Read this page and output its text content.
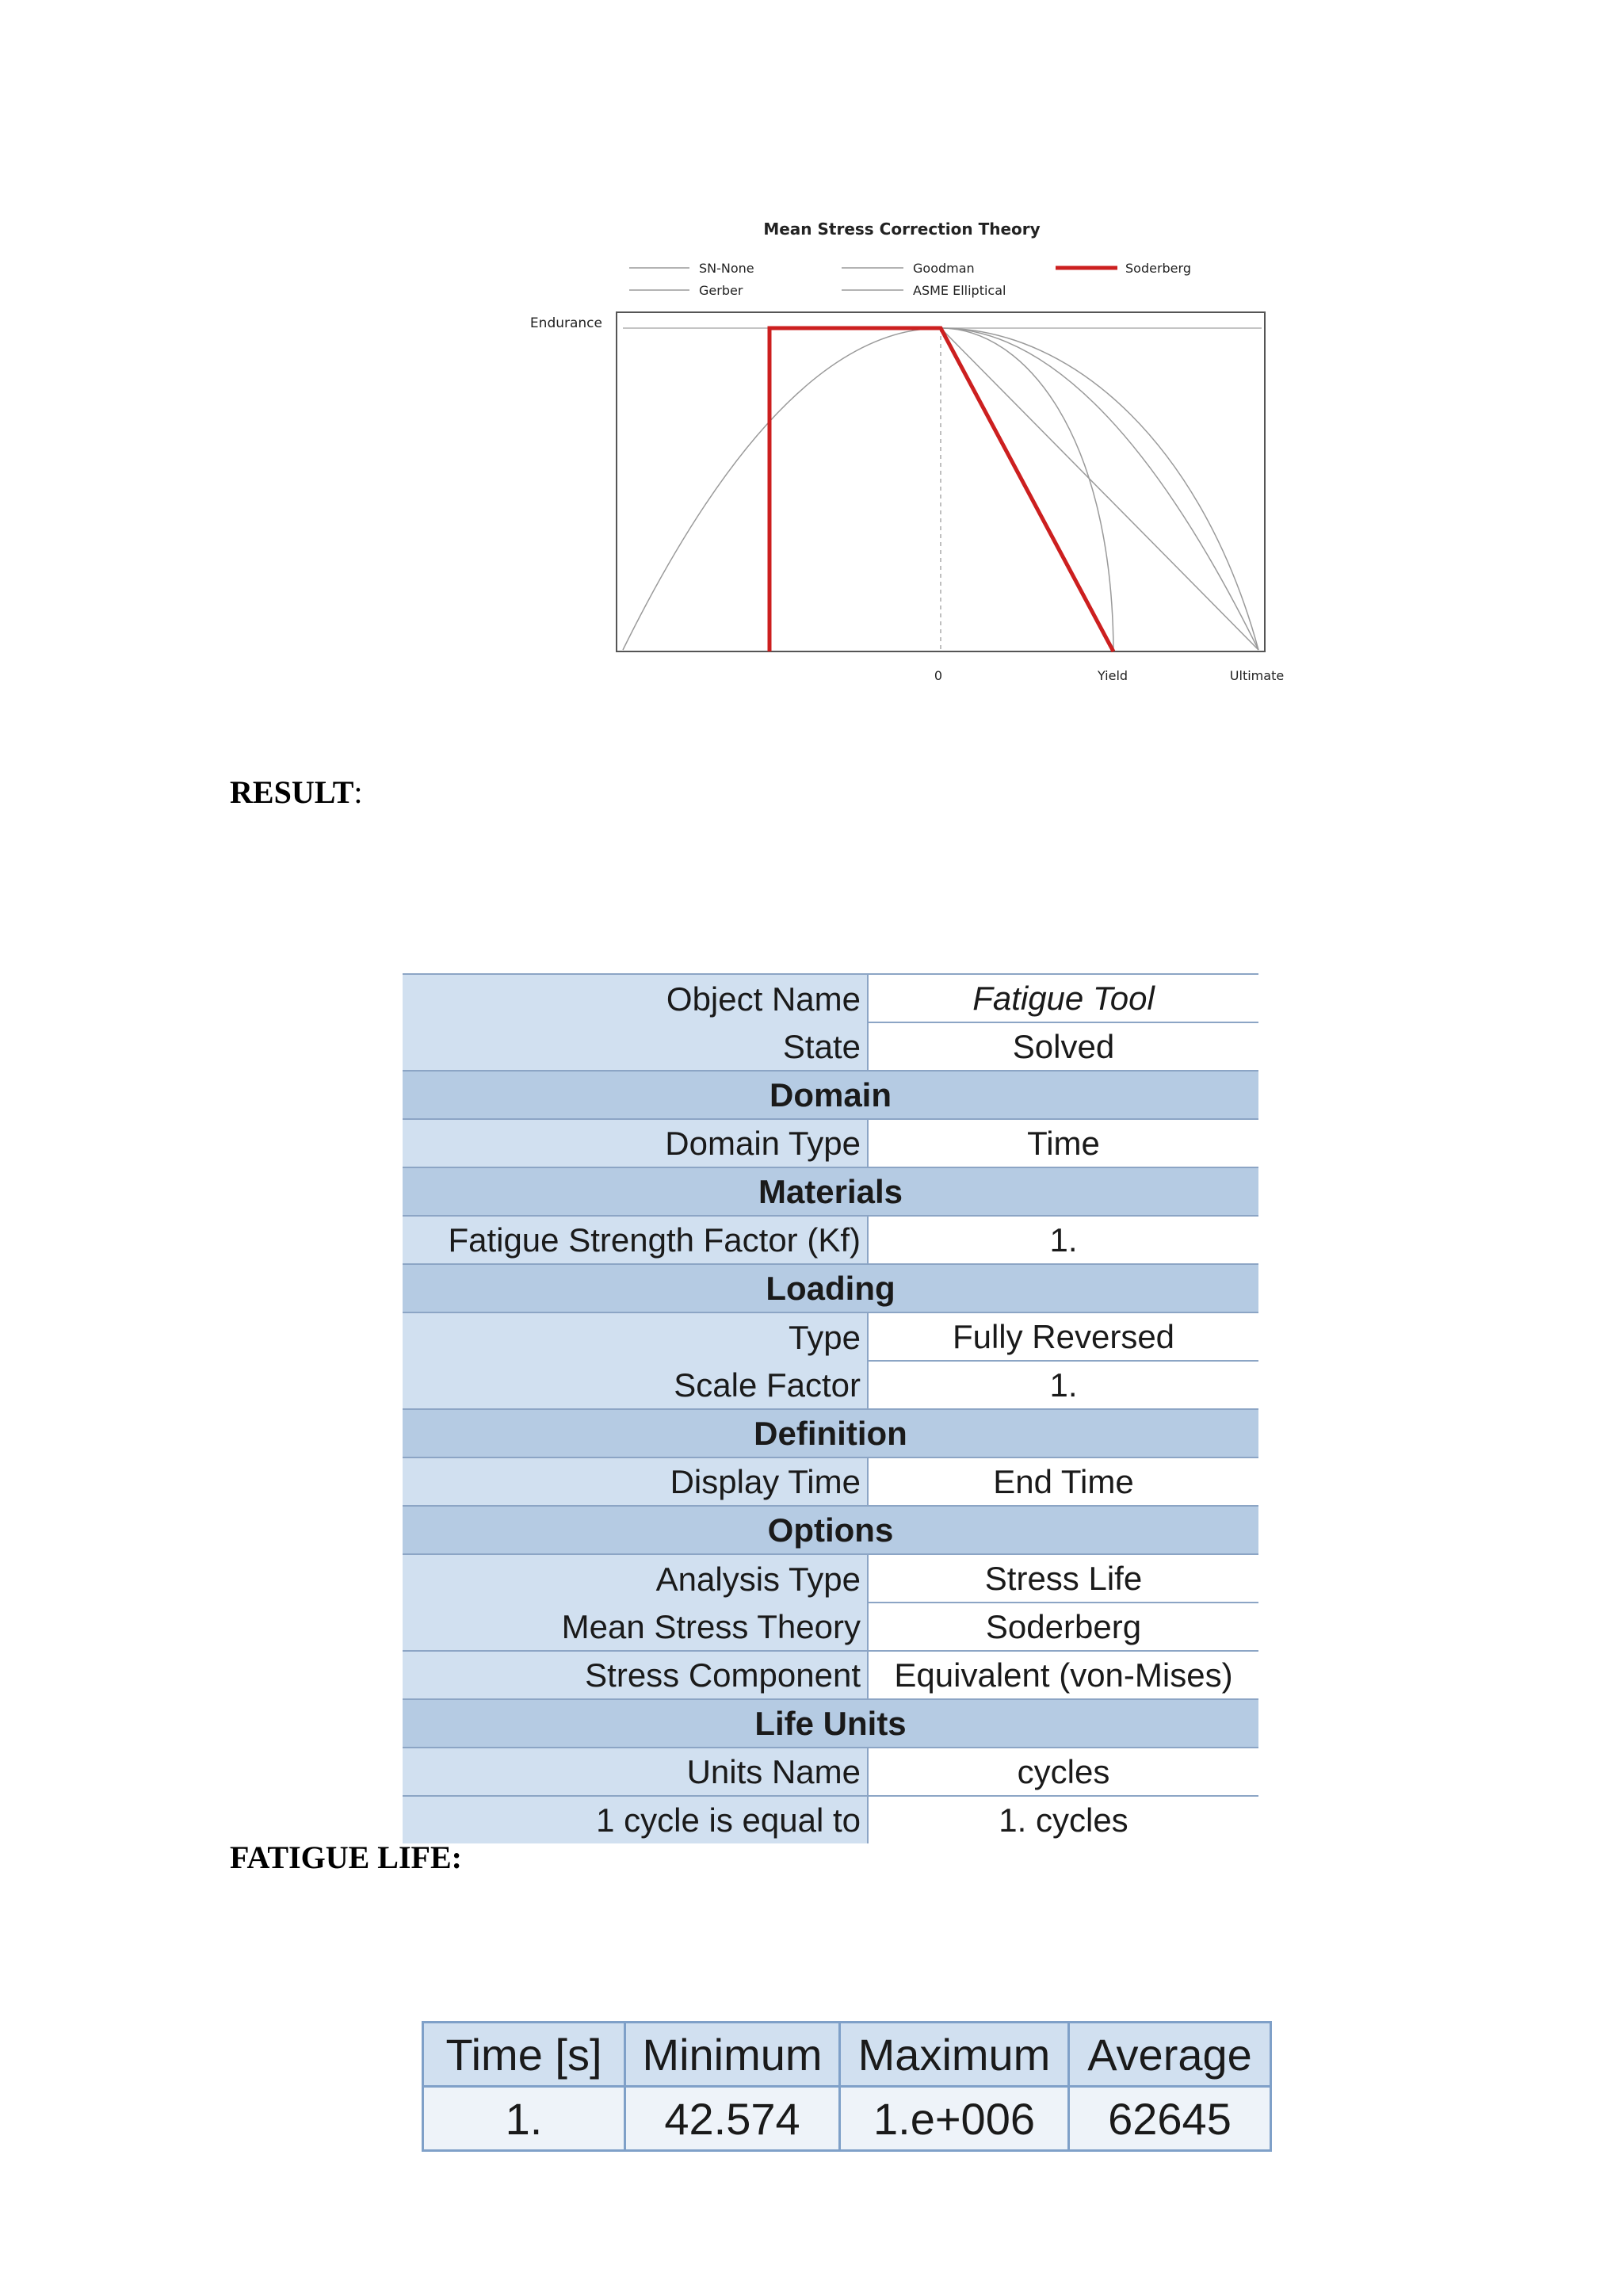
Mean Stress Correction Theory
SN-None	Goodman	Soderberg
Gerber	ASME Elliptical
Endurance
0	Yield	Ultimate
RESULT:
Object Name	Fatigue Tool
State	Solved
Domain	
Domain Type	Time
Materials	
Fatigue Strength Factor (Kf)	1.
Loading	
Type	Fully Reversed
Scale Factor	1.
Definition	
Display Time	End Time
Options	
Analysis Type	Stress Life
Mean Stress Theory	Soderberg
Stress Component	Equivalent (von-Mises)
Life Units	
Units Name	cycles
1 cycle is equal to	1. cycles
FATIGUE LIFE:
Time [s]	Minimum	Maximum	Average
1.	42.574	1.e+006	62645
